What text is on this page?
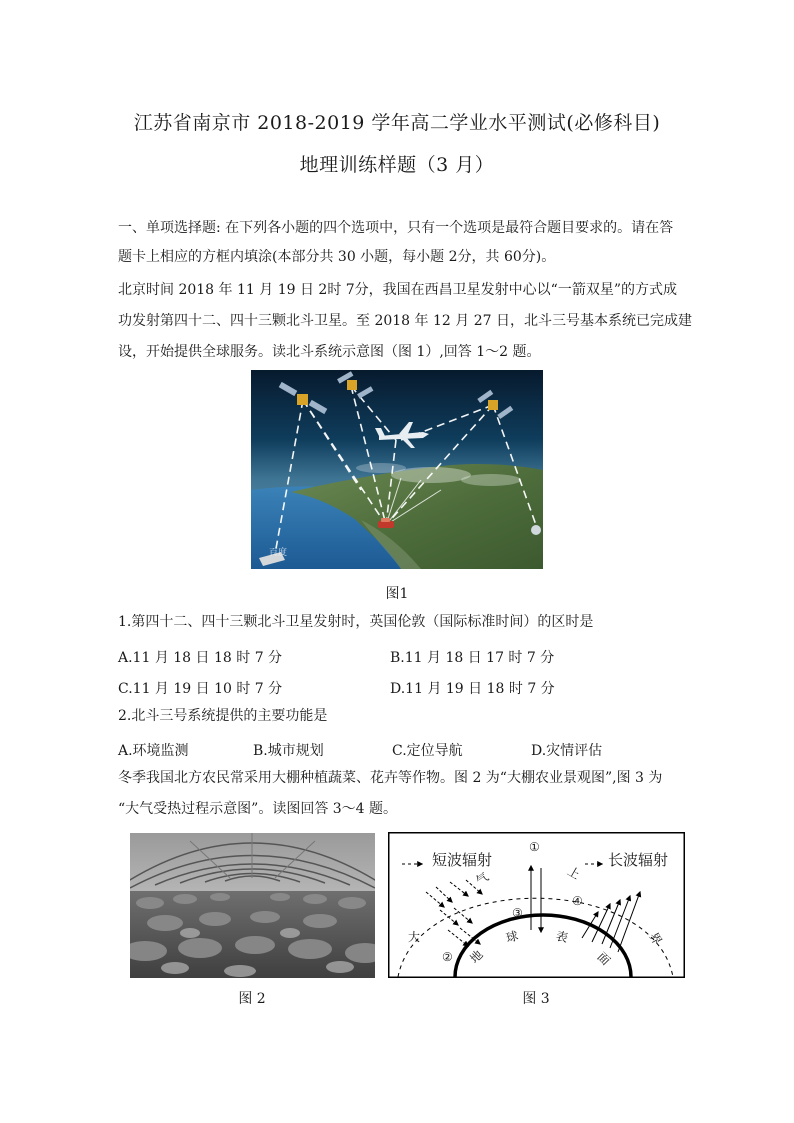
江苏省南京市 2018-2019 学年高二学业水平测试(必修科目)
地理训练样题（3 月）
一、单项选择题: 在下列各小题的四个选项中，只有一个选项是最符合题目要求的。请在答
题卡上相应的方框内填涂(本部分共 30 小题，每小题 2分，共 60分)。
北京时间 2018 年 11 月 19 日 2时 7分，我国在西昌卫星发射中心以“一箭双星”的方式成
功发射第四十二、四十三颗北斗卫星。至 2018 年 12 月 27 日，北斗三号基本系统已完成建
设，开始提供全球服务。读北斗系统示意图（图 1）,回答 1～2 题。
百度
图1
1.第四十二、四十三颗北斗卫星发射时，英国伦敦（国际标准时间）的区时是
A.11 月 18 日 18 时 7 分	B.11 月 18 日 17 时 7 分
C.11 月 19 日 10 时 7 分	D.11 月 19 日 18 时 7 分
2.北斗三号系统提供的主要功能是
A.环境监测	B.城市规划	C.定位导航	D.灾情评估
冬季我国北方农民常采用大棚种植蔬菜、花卉等作物。图 2 为“大棚农业景观图”,图 3 为
“大气受热过程示意图”。读图回答 3～4 题。
图 2
短波辐射	长波辐射
大
气	上
界
地
球	表
面
①
②
③
④
图 3
